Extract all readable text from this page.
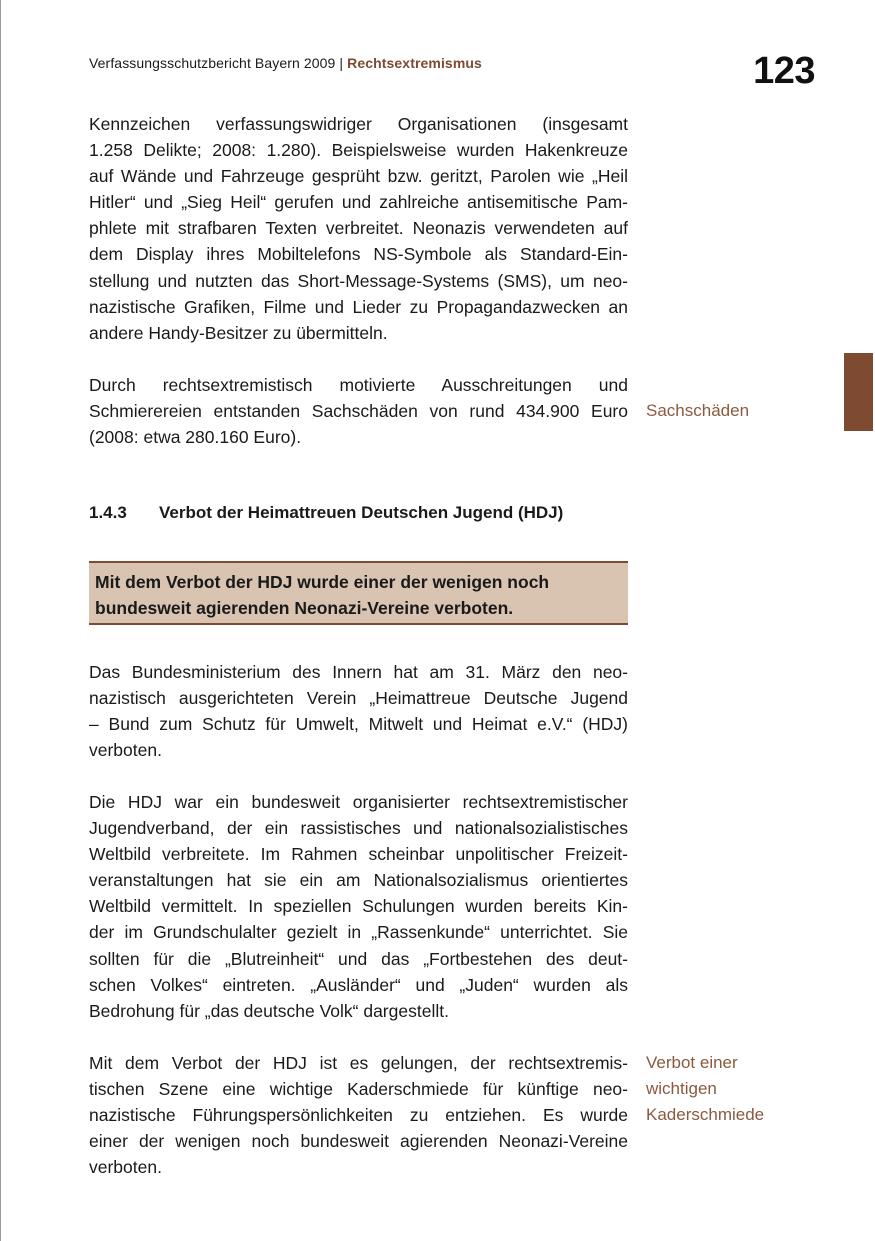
Verfassungsschutzbericht Bayern 2009 | Rechtsextremismus	123

Kennzeichen verfassungswidriger Organisationen (insgesamt
1.258 Delikte; 2008: 1.280). Beispielsweise wurden Hakenkreuze
auf Wände und Fahrzeuge gesprüht bzw. geritzt, Parolen wie „Heil
Hitler“ und „Sieg Heil“ gerufen und zahlreiche antisemitische Pam-
phlete mit strafbaren Texten verbreitet. Neonazis verwendeten auf
dem Display ihres Mobiltelefons NS-Symbole als Standard-Ein-
stellung und nutzten das Short-Message-Systems (SMS), um neo-
nazistische Grafiken, Filme und Lieder zu Propagandazwecken an
andere Handy-Besitzer zu übermitteln.

Durch rechtsextremistisch motivierte Ausschreitungen und
Schmierereien entstanden Sachschäden von rund 434.900 Euro
(2008: etwa 280.160 Euro).

Sachschäden
1.4.3 Verbot der Heimattreuen Deutschen Jugend (HDJ)

Mit dem Verbot der HDJ wurde einer der wenigen noch
bundesweit agierenden Neonazi-Vereine verboten.

Das Bundesministerium des Innern hat am 31. März den neo-
nazistisch ausgerichteten Verein „Heimattreue Deutsche Jugend
– Bund zum Schutz für Umwelt, Mitwelt und Heimat e.V.“ (HDJ)
verboten.

Die HDJ war ein bundesweit organisierter rechtsextremistischer
Jugendverband, der ein rassistisches und nationalsozialistisches
Weltbild verbreitete. Im Rahmen scheinbar unpolitischer Freizeit-
veranstaltungen hat sie ein am Nationalsozialismus orientiertes
Weltbild vermittelt. In speziellen Schulungen wurden bereits Kin-
der im Grundschulalter gezielt in „Rassenkunde“ unterrichtet. Sie
sollten für die „Blutreinheit“ und das „Fortbestehen des deut-
schen Volkes“ eintreten. „Ausländer“ und „Juden“ wurden als
Bedrohung für „das deutsche Volk“ dargestellt.

Mit dem Verbot der HDJ ist es gelungen, der rechtsextremis-
tischen Szene eine wichtige Kaderschmiede für künftige neo-
nazistische Führungspersönlichkeiten zu entziehen. Es wurde
einer der wenigen noch bundesweit agierenden Neonazi-Vereine
verboten.

Verbot einer
wichtigen
Kaderschmiede
